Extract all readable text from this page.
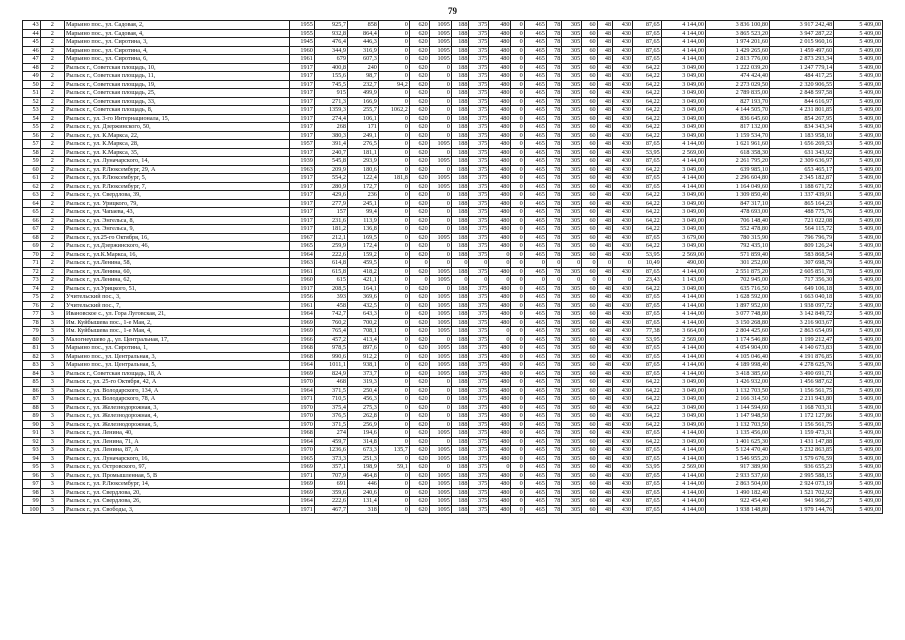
79
43	2	Марьино пос., ул. Садовая, 2,	1955	925,7	858	0	620	1095	188	375	480	0	465	78	305	60	48	430	87,65	4 144,00	3 836 100,80	3 917 242,48	5 409,00
44	2	Марьино пос., ул. Садовая, 4,	1955	932,8	864,4	0	620	1095	188	375	480	0	465	78	305	60	48	430	87,65	4 144,00	3 865 523,20	3 947 287,22	5 409,00
45	2	Марьино пос., ул. Сиротина, 3,	1945	476,4	446,3	0	620	1095	188	375	480	0	465	78	305	60	48	430	87,65	4 144,00	1 974 201,60	2 015 960,16	5 409,00
46	2	Марьино пос., ул. Сиротина, 4,	1960	344,9	316,9	0	620	1095	188	375	480	0	465	78	305	60	48	430	87,65	4 144,00	1 429 265,60	1 459 497,60	5 409,00
47	2	Марьино пос., ул. Сиротина, 6,	1961	679	607,3	0	620	1095	188	375	480	0	465	78	305	60	48	430	87,65	4 144,00	2 813 776,00	2 873 293,34	5 409,00
48	2	Рыльск г., Советская площадь, 10,	1917	400,8	240	0	620	0	188	375	480	0	465	78	305	60	48	430	64,22	3 049,00	1 222 039,20	1 247 779,14	5 409,00
49	2	Рыльск г., Советская площадь, 11,	1917	155,6	98,7	0	620	0	188	375	480	0	465	78	305	60	48	430	64,22	3 049,00	474 424,40	484 417,25	5 409,00
50	2	Рыльск г., Советская площадь, 19,	1917	745,5	232,7	94,2	620	0	188	375	480	0	465	78	305	60	48	430	64,22	3 049,00	2 273 029,50	2 320 906,55	5 409,00
51	2	Рыльск г., Советская площадь, 25,	1917	915	499,9	0	620	0	188	375	480	0	465	78	305	60	48	430	64,22	3 049,00	2 789 835,00	2 848 597,58	5 409,00
52	2	Рыльск г., Советская площадь, 33,	1917	271,3	166,9	0	620	0	188	375	480	0	465	78	305	60	48	430	64,22	3 049,00	827 193,70	844 616,97	5 409,00
53	2	Рыльск г., Советская площадь, 8,	1917	1359,3	255,7	1062,2	620	0	188	375	480	0	465	78	305	60	48	430	64,22	3 049,00	4 144 505,70	4 231 801,85	5 409,00
54	2	Рыльск г., ул. 3-го Интернационала, 15,	1917	274,4	106,1	0	620	0	188	375	480	0	465	78	305	60	48	430	64,22	3 049,00	836 645,60	854 267,95	5 409,00
55	2	Рыльск г., ул. Дзержинского, 50,	1917	268	171	0	620	0	188	375	480	0	465	78	305	60	48	430	64,22	3 049,00	817 132,00	834 343,34	5 409,00
56	2	Рыльск г., ул. К.Маркса, 22,	1917	380,3	249,1	0	620	0	188	375	480	0	465	78	305	60	48	430	64,22	3 049,00	1 159 534,70	1 183 958,10	5 409,00
57	2	Рыльск г., ул. К.Маркса, 28,	1957	391,4	276,5	0	620	1095	188	375	480	0	465	78	305	60	48	430	87,65	4 144,00	1 621 961,60	1 656 269,53	5 409,00
58	2	Рыльск г., ул. К.Маркса, 35,	1917	240,7	181,1	0	620	0	188	375	480	0	465	78	305	60	48	430	53,95	2 569,00	618 358,30	631 343,92	5 409,00
59	2	Рыльск г., ул. Луначарского, 14,	1939	545,8	293,9	0	620	1095	188	375	480	0	465	78	305	60	48	430	87,65	4 144,00	2 261 795,20	2 309 636,97	5 409,00
60	2	Рыльск г., ул. Р.Люксембург, 29, А	1963	209,9	180,6	0	620	0	188	375	480	0	465	78	305	60	48	430	64,22	3 049,00	639 985,10	653 465,17	5 409,00
61	2	Рыльск г., ул. Р.Люксембург, 5,	1917	554,2	122,4	181,8	620	1095	188	375	480	0	465	78	305	60	48	430	87,65	4 144,00	2 296 604,80	2 345 182,87	5 409,00
62	2	Рыльск г., ул. Р.Люксембург, 7,	1917	280,9	172,7	0	620	1095	188	375	480	0	465	78	305	60	48	430	87,65	4 144,00	1 164 049,60	1 188 671,72	5 409,00
63	2	Рыльск г., ул. Свердлова, 39,	1917	429,6	236	0	620	0	188	375	480	0	465	78	305	60	48	430	64,22	3 049,00	1 309 850,40	1 337 439,91	5 409,00
64	2	Рыльск г., ул. Урицкого, 79,	1917	277,9	245,1	0	620	0	188	375	480	0	465	78	305	60	48	430	64,22	3 049,00	847 317,10	865 164,23	5 409,00
65	2	Рыльск г., ул. Чапаева, 43,	1917	157	99,4	0	620	0	188	375	480	0	465	78	305	60	48	430	64,22	3 049,00	478 693,00	488 775,76	5 409,00
66	2	Рыльск г., ул. Энгельса, 8,	1917	231,6	113,9	0	620	0	188	375	480	0	465	78	305	60	48	430	64,22	3 049,00	706 148,40	721 022,08	5 409,00
67	2	Рыльск г., ул. Энгельса, 9,	1917	181,2	136,8	0	620	0	188	375	480	0	465	78	305	60	48	430	64,22	3 049,00	552 478,80	564 115,72	5 409,00
68	2	Рыльск г., ул.25-го Октября, 16,	1967	212,1	169,5	0	620	1095	188	375	480	0	465	78	305	60	48	430	87,65	3 679,00	780 315,90	796 796,79	5 409,00
69	2	Рыльск г., ул.Дзержинского, 46,	1965	259,9	172,4	0	620	0	188	375	480	0	465	78	305	60	48	430	64,22	3 049,00	792 435,10	809 126,24	5 409,00
70	2	Рыльск г., ул.К.Маркса, 16,	1964	222,6	159,2	0	620	0	188	375	0	0	465	78	305	60	48	430	53,95	2 569,00	571 859,40	583 868,54	5 409,00
71	2	Рыльск г., ул.Ленина, 58,	1963	614,8	459,5	0	0	0	0	0	0	0	0	0	0	0	0	0	10,49	490,00	301 252,00	307 698,79	5 409,00
72	2	Рыльск г., ул.Ленина, 60,	1961	615,8	418,2	0	620	1095	188	375	480	0	465	78	305	60	48	430	87,65	4 144,00	2 551 875,20	2 605 851,78	5 409,00
73	2	Рыльск г., ул.Ленина, 62,	1960	615	421,1	0	0	1095	0	0	0	0	0	0	0	0	0	0	23,43	1 143,00	702 945,00	717 356,30	5 409,00
74	2	Рыльск г., ул.Урицкого, 51,	1917	208,5	164,1	0	620	0	188	375	480	0	465	78	305	60	48	430	64,22	3 049,00	635 716,50	649 106,18	5 409,00
75	2	Учительский пос., 3,	1956	393	369,6	0	620	1095	188	375	480	0	465	78	305	60	48	430	87,65	4 144,00	1 628 592,00	1 663 040,18	5 409,00
76	2	Учительский пос., 7,	1961	458	432,5	0	620	1095	188	375	480	0	465	78	305	60	48	430	87,65	4 144,00	1 897 952,00	1 938 097,72	5 409,00
77	3	Ивановское с., ул. Гора Луговская, 21,	1964	742,7	643,3	0	620	1095	188	375	480	0	465	78	305	60	48	430	87,65	4 144,00	3 077 748,80	3 142 849,72	5 409,00
78	3	Им. Куйбышева пос., 1-е Мая, 2,	1969	760,2	700,2	0	620	1095	188	375	480	0	465	78	305	60	48	430	87,65	4 144,00	3 150 268,80	3 216 903,67	5 409,00
79	3	Им. Куйбышева пос., 1-е Мая, 4,	1969	765,4	708,1	0	620	1095	188	375	0	0	465	78	305	60	48	430	77,38	3 664,00	2 804 425,60	2 863 654,09	5 409,00
80	3	Малогнеушево д., ул. Центральная, 17,	1966	457,2	413,4	0	620	0	188	375	0	0	465	78	305	60	48	430	53,95	2 569,00	1 174 546,80	1 199 212,47	5 409,00
81	3	Марьино пос., ул. Сиротина, 1,	1968	978,5	897,6	0	620	1095	188	375	480	0	465	78	305	60	48	430	87,65	4 144,00	4 054 904,00	4 140 673,83	5 409,00
82	3	Марьино пос., ул. Центральная, 3,	1968	990,6	912,2	0	620	1095	188	375	480	0	465	78	305	60	48	430	87,65	4 144,00	4 105 046,40	4 191 876,85	5 409,00
83	3	Марьино пос., ул. Центральная, 5,	1964	1011,1	938,1	0	620	1095	188	375	480	0	465	78	305	60	48	430	87,65	4 144,00	4 189 998,40	4 278 625,76	5 409,00
84	3	Рыльск г., Советская площадь, 18, А	1969	824,9	373,7	0	620	1095	188	375	480	0	465	78	305	60	48	430	87,65	4 144,00	3 418 385,60	3 490 691,71	5 409,00
85	3	Рыльск г., ул. 25-го Октября, 42, А	1970	468	319,3	0	620	0	188	375	480	0	465	78	305	60	48	430	64,22	3 049,00	1 426 932,00	1 456 987,62	5 409,00
86	3	Рыльск г., ул. Володарского, 134, А	1964	371,5	250,4	0	620	0	188	375	480	0	465	78	305	60	48	430	64,22	3 049,00	1 132 703,50	1 156 561,75	5 409,00
87	3	Рыльск г., ул. Володарского, 78, А	1971	710,5	456,3	0	620	0	188	375	480	0	465	78	305	60	48	430	64,22	3 049,00	2 166 314,50	2 211 943,80	5 409,00
88	3	Рыльск г., ул. Железнодорожная, 3,	1970	375,4	275,3	0	620	0	188	375	480	0	465	78	305	60	48	430	64,22	3 049,00	1 144 594,60	1 168 703,31	5 409,00
89	3	Рыльск г., ул. Железнодорожная, 4,	1970	376,5	262,8	0	620	0	188	375	480	0	465	78	305	60	48	430	64,22	3 049,00	1 147 948,50	1 172 127,86	5 409,00
90	3	Рыльск г., ул. Железнодорожная, 5,	1970	371,5	256,9	0	620	0	188	375	480	0	465	78	305	60	48	430	64,22	3 049,00	1 132 703,50	1 156 561,75	5 409,00
91	3	Рыльск г., ул. Ленина, 40,	1968	274	194,6	0	620	1095	188	375	480	0	465	78	305	60	48	430	87,65	4 144,00	1 135 456,00	1 159 473,31	5 409,00
92	3	Рыльск г., ул. Ленина, 71, А	1964	459,7	314,8	0	620	0	188	375	480	0	465	78	305	60	48	430	64,22	3 049,00	1 401 625,30	1 431 147,88	5 409,00
93	3	Рыльск г., ул. Ленина, 87, А	1970	1236,6	673,3	135,7	620	1095	188	375	480	0	465	78	305	60	48	430	87,65	4 144,00	5 124 470,40	5 232 863,85	5 409,00
94	3	Рыльск г., ул. Луначарского, 16,	1965	373,3	251,3	0	620	1095	188	375	480	0	465	78	305	60	48	430	87,65	4 144,00	1 546 955,20	1 579 676,59	5 409,00
95	3	Рыльск г., ул. Островского, 97,	1969	357,1	198,9	59,1	620	0	188	375	0	0	465	78	305	60	48	430	53,95	2 569,00	917 389,90	936 655,23	5 409,00
96	3	Рыльск г., ул. Промышленная, 5, В	1971	707,9	464,8	0	620	1095	188	375	480	0	465	78	305	60	48	430	87,65	4 144,00	2 933 537,60	2 995 588,15	5 409,00
97	3	Рыльск г., ул. Р.Люксембург, 14,	1969	691	446	0	620	1095	188	375	480	0	465	78	305	60	48	430	87,65	4 144,00	2 863 504,00	2 924 073,19	5 409,00
98	3	Рыльск г., ул. Свердлова, 20,	1969	359,6	240,6	0	620	1095	188	375	480	0	465	78	305	60	48	430	87,65	4 144,00	1 490 182,40	1 521 702,92	5 409,00
99	3	Рыльск г., ул. Свердлова, 26,	1964	222,6	131,4	0	620	1095	188	375	480	0	465	78	305	60	48	430	87,65	4 144,00	922 454,40	941 966,27	5 409,00
100	3	Рыльск г., ул. Свободы, 3,	1971	467,7	318	0	620	1095	188	375	480	0	465	78	305	60	48	430	87,65	4 144,00	1 938 148,80	1 979 144,76	5 409,00
